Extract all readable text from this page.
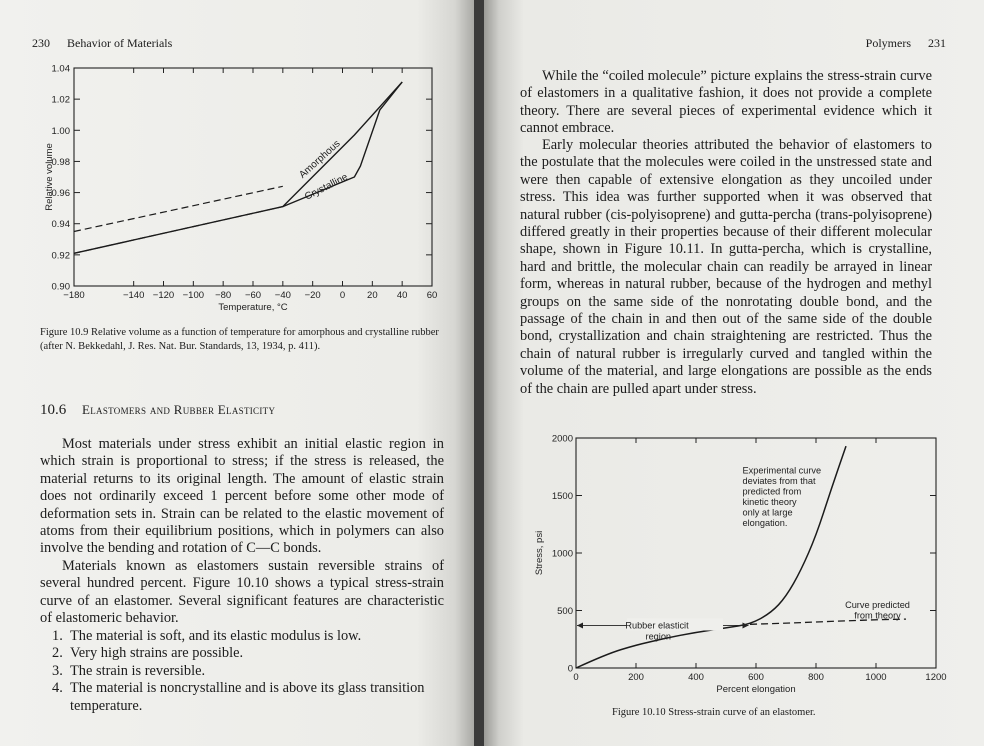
230 Behavior of Materials
−180	−140 −120 −100 −80 −60 −40 −20 0 20 40 60
0.90
0.92
0.94
0.96
0.98
1.00
1.02
1.04
Temperature, °C
Relative volume	Amorphous
Crystalline
Figure 10.9 Relative volume as a function of temperature for amorphous and crystalline rubber (after N. Bekkedahl, J. Res. Nat. Bur. Standards, 13, 1934, p. 411).
10.6 Elastomers and Rubber Elasticity

Most materials under stress exhibit an initial elastic region in which strain is proportional to stress; if the stress is released, the material returns to its original length. The amount of elastic strain does not ordinarily exceed 1 percent before some other mode of deformation sets in. Strain can be related to the elastic movement of atoms from their equilibrium positions, which in polymers can also involve the bending and rotation of C—C bonds.

Materials known as elastomers sustain reversible strains of several hundred percent. Figure 10.10 shows a typical stress-strain curve of an elastomer. Several significant features are characteristic of elastomeric behavior.

1. The material is soft, and its elastic modulus is low.
2. Very high strains are possible.
3. The strain is reversible.
4. The material is noncrystalline and is above its glass transition temperature.
Polymers 231

While the “coiled molecule” picture explains the stress-strain curve of elastomers in a qualitative fashion, it does not provide a complete theory. There are several pieces of experimental evidence which it cannot embrace.

Early molecular theories attributed the behavior of elastomers to the postulate that the molecules were coiled in the unstressed state and were then capable of extensive elongation as they uncoiled under stress. This idea was further supported when it was observed that natural rubber (cis-polyisoprene) and gutta-percha (trans-polyisoprene) differed greatly in their properties because of their different molecular shape, shown in Figure 10.11. In gutta-percha, which is crystalline, hard and brittle, the molecular chain can readily be arrayed in linear form, whereas in natural rubber, because of the hydrogen and methyl groups on the same side of the nonrotating double bond, and the passage of the chain in and then out of the same side of the double bond, crystallization and chain straightening are restricted. Thus the chain of natural rubber is irregularly curved and tangled within the volume of the material, and large elongations are possible as the ends of the chain are pulled apart under stress.

0	200	400	600	800	1000	1200
0
500
1000
1500
2000
Percent elongation
Stress, psi
Experimental curve deviates from that predicted from kinetic theory only at large elongation.
Curve predicted from theory
Rubber elasticit region
Figure 10.10 Stress-strain curve of an elastomer.
